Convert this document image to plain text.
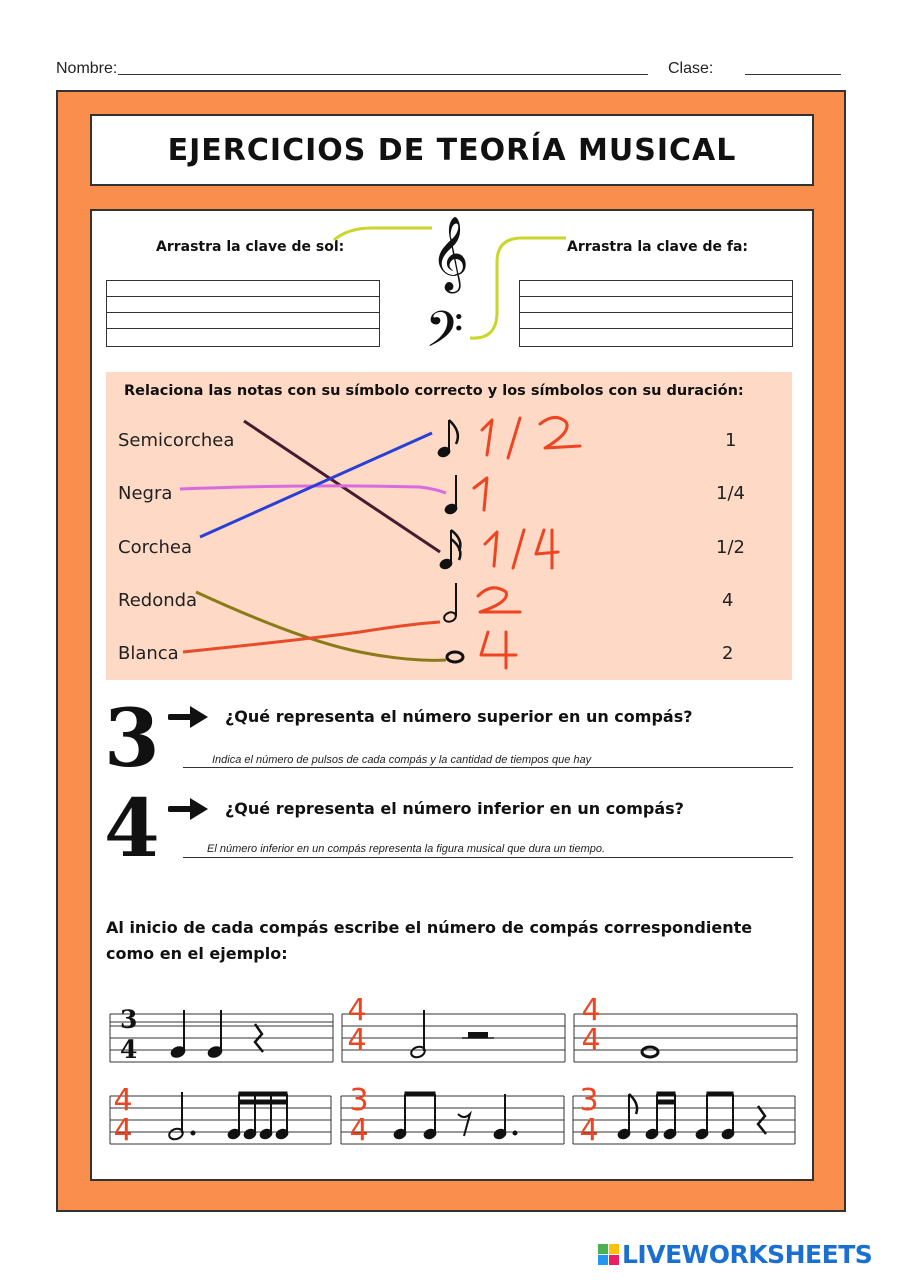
Nombre:	Clase:
EJERCICIOS DE TEORÍA MUSICAL
Arrastra la clave de sol:	Arrastra la clave de fa:
𝄞
𝄢
Relaciona las notas con su símbolo correcto y los símbolos con su duración:
Semicorchea
Negra
Corchea
Redonda
Blanca
1
1/4
1/2
4
2
3
4
¿Qué representa el número superior en un compás?
Indica el número de pulsos de cada compás y la cantidad de tiempos que hay
¿Qué representa el número inferior en un compás?
El número inferior en un compás representa la figura musical que dura un tiempo.
Al inicio de cada compás escribe el número de compás correspondiente como en el ejemplo:
3
4
4
4
4
4
4
4
3
4
3
4
LIVEWORKSHEETS
